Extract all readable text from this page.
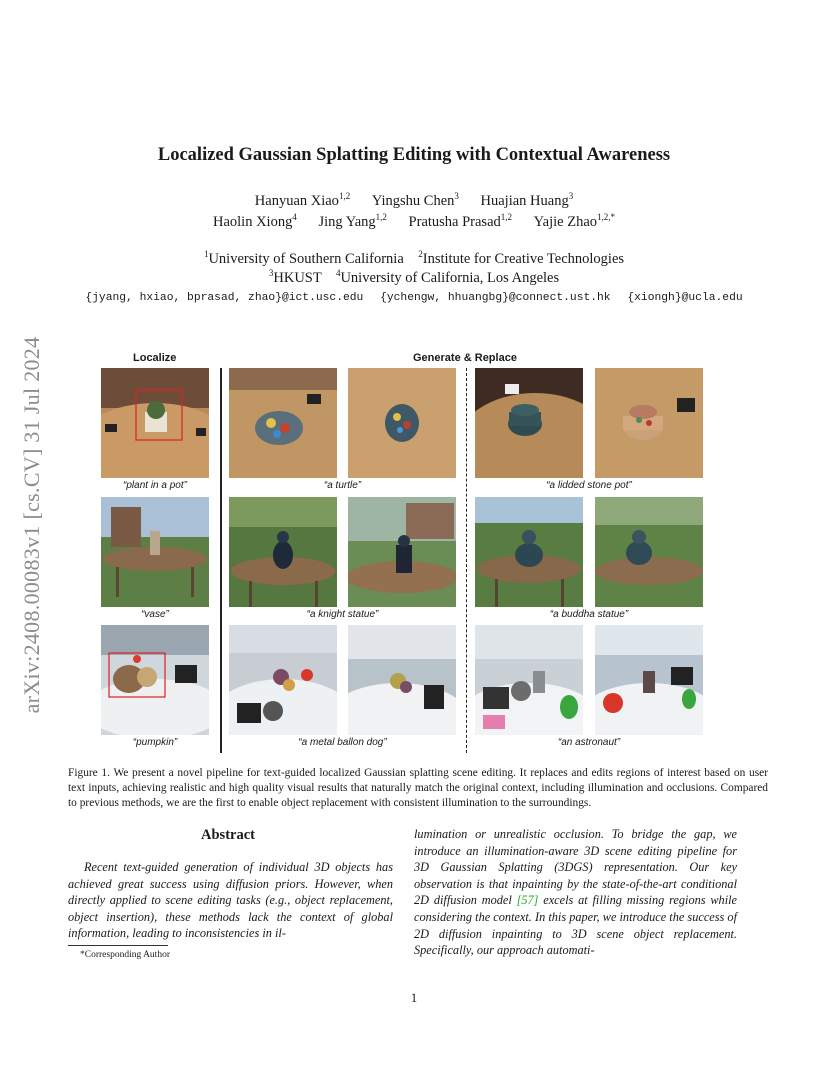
arXiv:2408.00083v1 [cs.CV] 31 Jul 2024
Localized Gaussian Splatting Editing with Contextual Awareness
Hanyuan Xiao$^{1,2}$ Yingshu Chen$^3$ Huajian Huang$^3$
Haolin Xiong$^4$ Jing Yang$^{1,2}$ Pratusha Prasad$^{1,2}$ Yajie Zhao$^{1,2,*}$
$^1$University of Southern California $^2$Institute for Creative Technologies
$^3$HKUST $^4$University of California, Los Angeles
{jyang, hxiao, bprasad, zhao}@ict.usc.edu {ychengw, hhuangbg}@connect.ust.hk {xiongh}@ucla.edu
Localize	Generate & Replace
“plant in a pot”	“a turtle”	“a lidded stone pot”
“vase”	“a knight statue”	“a buddha statue”
“pumpkin”	“a metal ballon dog”	“an astronaut”
Figure 1. We present a novel pipeline for text-guided localized Gaussian splatting scene editing. It replaces and edits regions of interest based on user text inputs, achieving realistic and high quality visual results that naturally match the original context, including illumination and occlusions. Compared to previous methods, we are the first to enable object replacement with consistent illumination to the surroundings.
Abstract
Recent text-guided generation of individual 3D objects has achieved great success using diffusion priors. However, when directly applied to scene editing tasks (e.g., object replacement, object insertion), these methods lack the context of global information, leading to inconsistencies in il-
lumination or unrealistic occlusion. To bridge the gap, we introduce an illumination-aware 3D scene editing pipeline for 3D Gaussian Splatting (3DGS) representation. Our key observation is that inpainting by the state-of-the-art conditional 2D diffusion model [57] excels at filling missing regions while considering the context. In this paper, we introduce the success of 2D diffusion inpainting to 3D scene object replacement. Specifically, our approach automati-
*Corresponding Author
1
